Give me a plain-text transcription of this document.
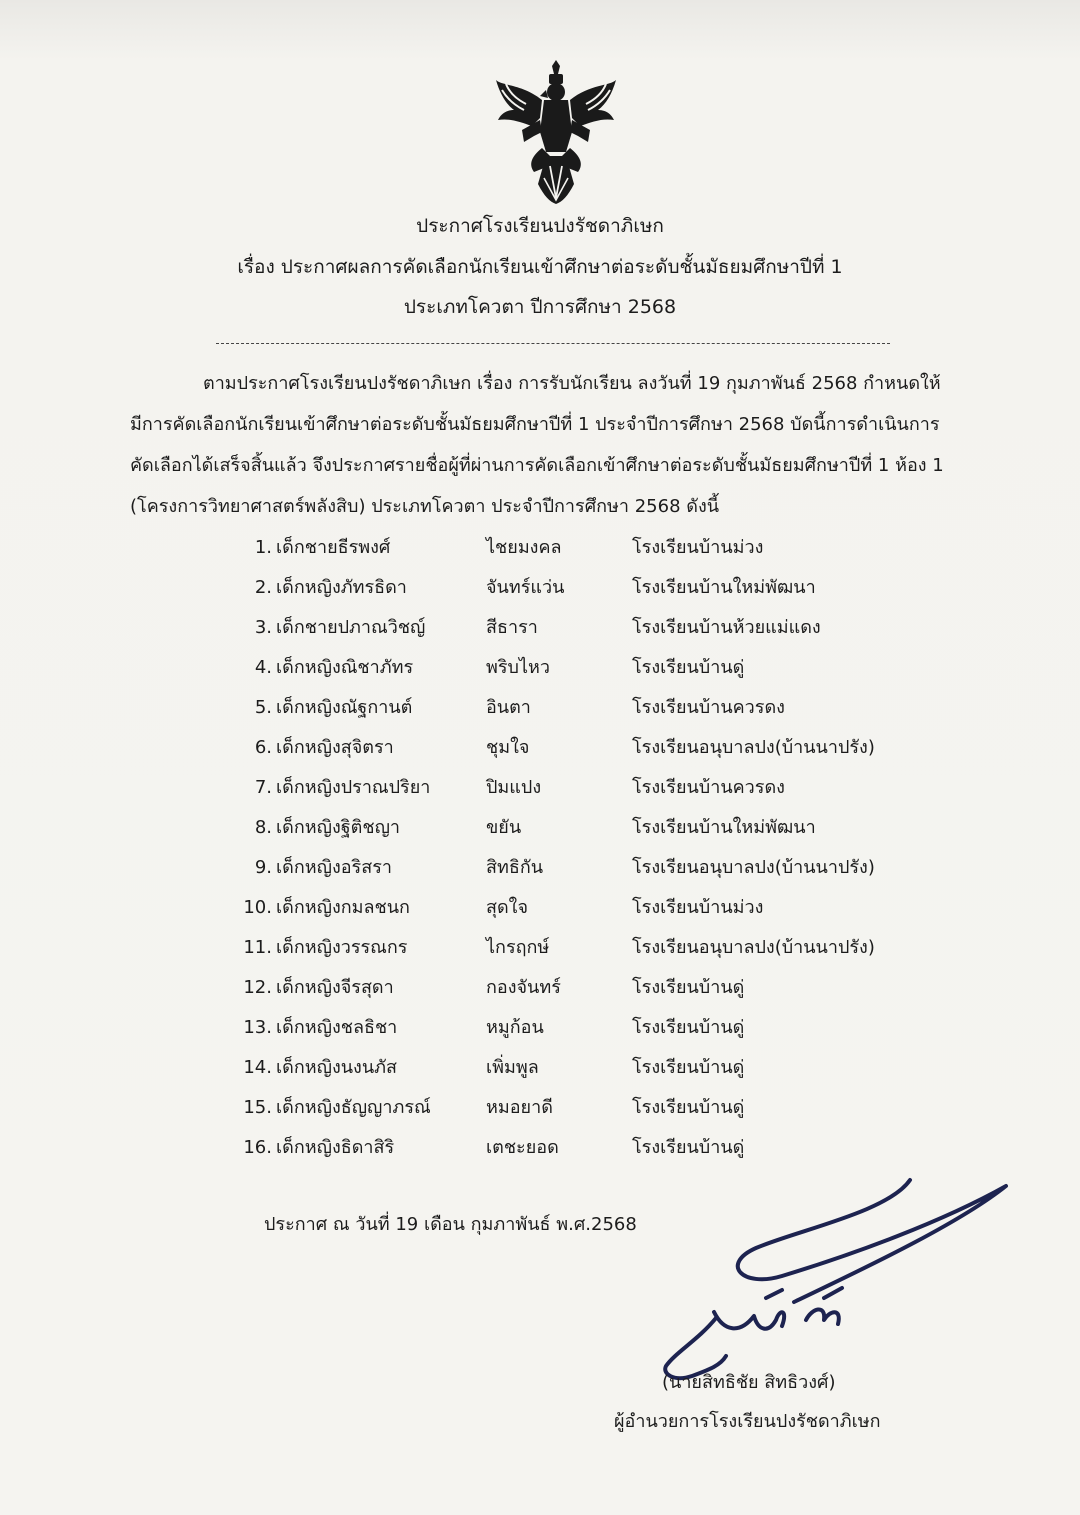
ประกาศโรงเรียนปงรัชดาภิเษก
เรื่อง ประกาศผลการคัดเลือกนักเรียนเข้าศึกษาต่อระดับชั้นมัธยมศึกษาปีที่ 1
ประเภทโควตา ปีการศึกษา 2568
ตามประกาศโรงเรียนปงรัชดาภิเษก เรื่อง การรับนักเรียน ลงวันที่ 19 กุมภาพันธ์ 2568 กำหนดให้
มีการคัดเลือกนักเรียนเข้าศึกษาต่อระดับชั้นมัธยมศึกษาปีที่ 1 ประจำปีการศึกษา 2568 บัดนี้การดำเนินการ
คัดเลือกได้เสร็จสิ้นแล้ว จึงประกาศรายชื่อผู้ที่ผ่านการคัดเลือกเข้าศึกษาต่อระดับชั้นมัธยมศึกษาปีที่ 1 ห้อง 1
(โครงการวิทยาศาสตร์พลังสิบ) ประเภทโควตา ประจำปีการศึกษา 2568 ดังนี้
1. เด็กชายธีรพงศ์	ไชยมงคล	โรงเรียนบ้านม่วง
2. เด็กหญิงภัทรธิดา	จันทร์แว่น	โรงเรียนบ้านใหม่พัฒนา
3. เด็กชายปภาณวิชญ์	สีธารา	โรงเรียนบ้านห้วยแม่แดง
4. เด็กหญิงณิชาภัทร	พริบไหว	โรงเรียนบ้านดู่
5. เด็กหญิงณัฐกานต์	อินตา	โรงเรียนบ้านควรดง
6. เด็กหญิงสุจิตรา	ชุมใจ	โรงเรียนอนุบาลปง(บ้านนาปรัง)
7. เด็กหญิงปราณปริยา	ปิมแปง	โรงเรียนบ้านควรดง
8. เด็กหญิงฐิติชญา	ขยัน	โรงเรียนบ้านใหม่พัฒนา
9. เด็กหญิงอริสรา	สิทธิกัน	โรงเรียนอนุบาลปง(บ้านนาปรัง)
10. เด็กหญิงกมลชนก	สุดใจ	โรงเรียนบ้านม่วง
11. เด็กหญิงวรรณกร	ไกรฤกษ์	โรงเรียนอนุบาลปง(บ้านนาปรัง)
12. เด็กหญิงจีรสุดา	กองจันทร์	โรงเรียนบ้านดู่
13. เด็กหญิงชลธิชา	หมูก้อน	โรงเรียนบ้านดู่
14. เด็กหญิงนงนภัส	เพิ่มพูล	โรงเรียนบ้านดู่
15. เด็กหญิงธัญญาภรณ์	หมอยาดี	โรงเรียนบ้านดู่
16. เด็กหญิงธิดาสิริ	เตชะยอด	โรงเรียนบ้านดู่
ประกาศ ณ วันที่ 19 เดือน กุมภาพันธ์ พ.ศ.2568
(นายสิทธิชัย สิทธิวงศ์)
ผู้อำนวยการโรงเรียนปงรัชดาภิเษก
